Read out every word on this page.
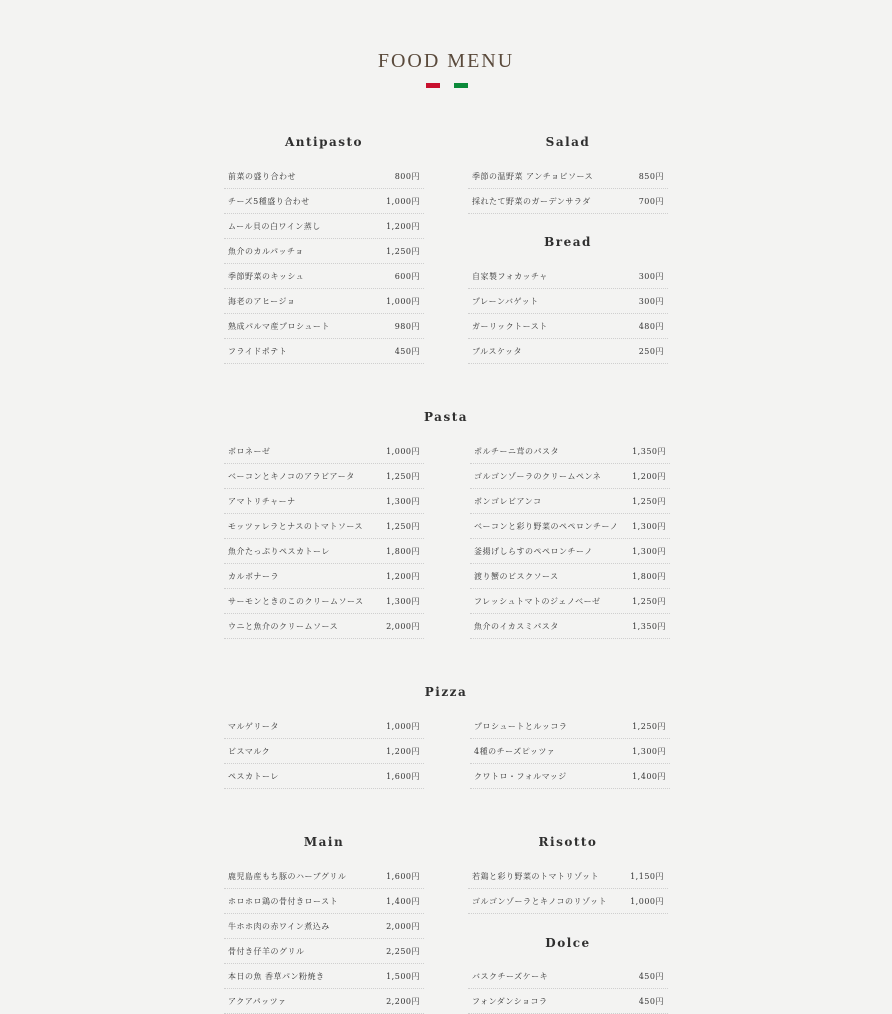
FOOD MENU
Antipasto
前菜の盛り合わせ	800円
チーズ5種盛り合わせ	1,000円
ムール貝の白ワイン蒸し	1,200円
魚介のカルパッチョ	1,250円
季節野菜のキッシュ	600円
海老のアヒージョ	1,000円
熟成パルマ産プロシュート	980円
フライドポテト	450円
Salad
季節の温野菜 アンチョビソース	850円
採れたて野菜のガーデンサラダ	700円
Bread
自家製フォカッチャ	300円
プレーンバゲット	300円
ガーリックトースト	480円
ブルスケッタ	250円
Pasta
ボロネーゼ	1,000円
ベーコンとキノコのアラビアータ	1,250円
アマトリチャーナ	1,300円
モッツァレラとナスのトマトソース	1,250円
魚介たっぷりペスカトーレ	1,800円
カルボナーラ	1,200円
サーモンときのこのクリームソース	1,300円
ウニと魚介のクリームソース	2,000円
ポルチーニ茸のパスタ	1,350円
ゴルゴンゾーラのクリームペンネ	1,200円
ボンゴレビアンコ	1,250円
ベーコンと彩り野菜のペペロンチーノ 1,300円
釜揚げしらすのペペロンチーノ	1,300円
渡り蟹のビスクソース	1,800円
フレッシュトマトのジェノベーゼ	1,250円
魚介のイカスミパスタ	1,350円
Pizza
マルゲリータ	1,000円
ビスマルク	1,200円
ペスカトーレ	1,600円
プロシュートとルッコラ	1,250円
4種のチーズピッツァ	1,300円
クワトロ・フォルマッジ	1,400円
Main
鹿児島産もち豚のハーブグリル	1,600円
ホロホロ鶏の骨付きロースト	1,400円
牛ホホ肉の赤ワイン煮込み	2,000円
骨付き仔羊のグリル	2,250円
本日の魚 香草パン粉焼き	1,500円
アクアパッツァ	2,200円
Risotto
若鶏と彩り野菜のトマトリゾット	1,150円
ゴルゴンゾーラとキノコのリゾット	1,000円
Dolce
バスクチーズケーキ	450円
フォンダンショコラ	450円
